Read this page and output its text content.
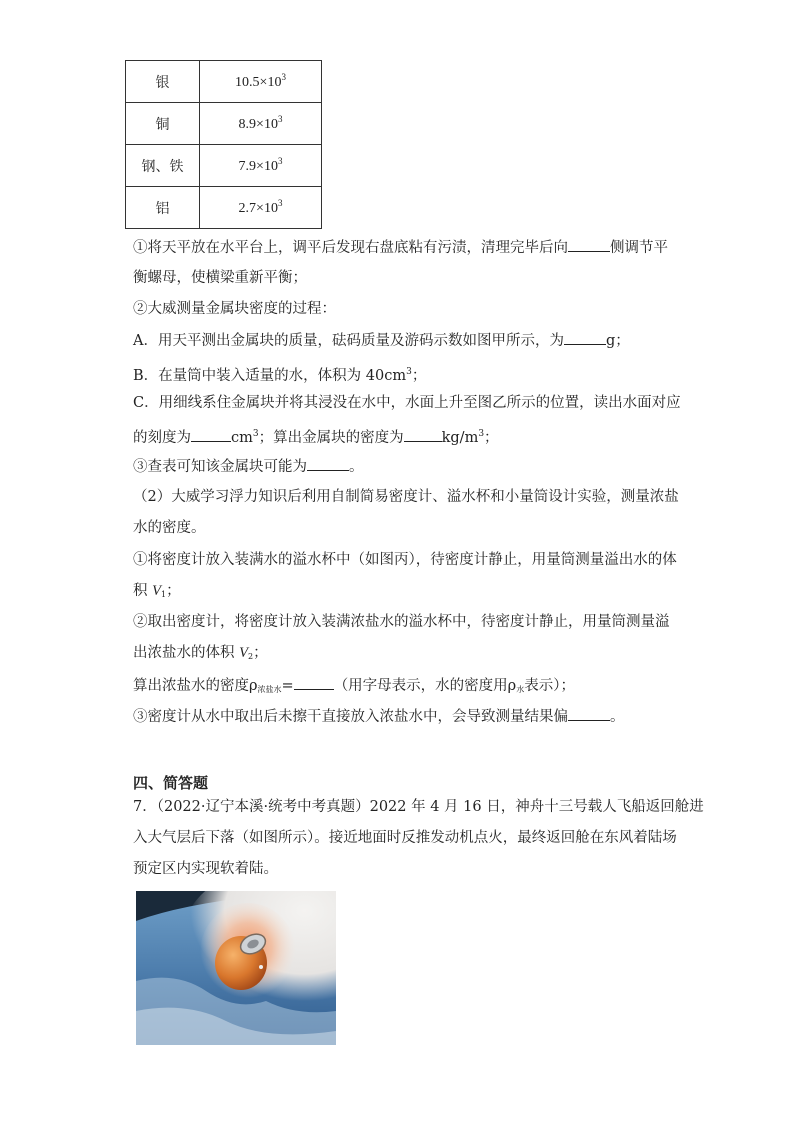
银	$10.5\times 10^3$
铜	$8.9\times 10^3$
钢、铁	$7.9\times 10^3$
铝	$2.7\times 10^3$
①将天平放在水平台上，调平后发现右盘底粘有污渍，清理完毕后向	侧调节平
衡螺母，使横梁重新平衡；
②大威测量金属块密度的过程：
A．用天平测出金属块的质量，砝码质量及游码示数如图甲所示，为	g；
B．在量筒中装入适量的水，体积为 $40cm^3$；
C．用细线系住金属块并将其浸没在水中，水面上升至图乙所示的位置，读出水面对应
的刻度为	$cm^3$；算出金属块的密度为	$kg/m^3$；
③查表可知该金属块可能为	。
（2）大威学习浮力知识后利用自制简易密度计、溢水杯和小量筒设计实验，测量浓盐
水的密度。
①将密度计放入装满水的溢水杯中（如图丙），待密度计静止，用量筒测量溢出水的体
积 $V_1$；
②取出密度计，将密度计放入装满浓盐水的溢水杯中，待密度计静止，用量筒测量溢
出浓盐水的体积 $V_2$；
算出浓盐水的密度$\rho_{浓盐水}=$	（用字母表示，水的密度用$\rho_水$表示）；
③密度计从水中取出后未擦干直接放入浓盐水中，会导致测量结果偏	。
四、简答题
7．（2022·辽宁本溪·统考中考真题）2022 年 4 月 16 日，神舟十三号载人飞船返回舱进
入大气层后下落（如图所示）。接近地面时反推发动机点火，最终返回舱在东风着陆场
预定区内实现软着陆。
